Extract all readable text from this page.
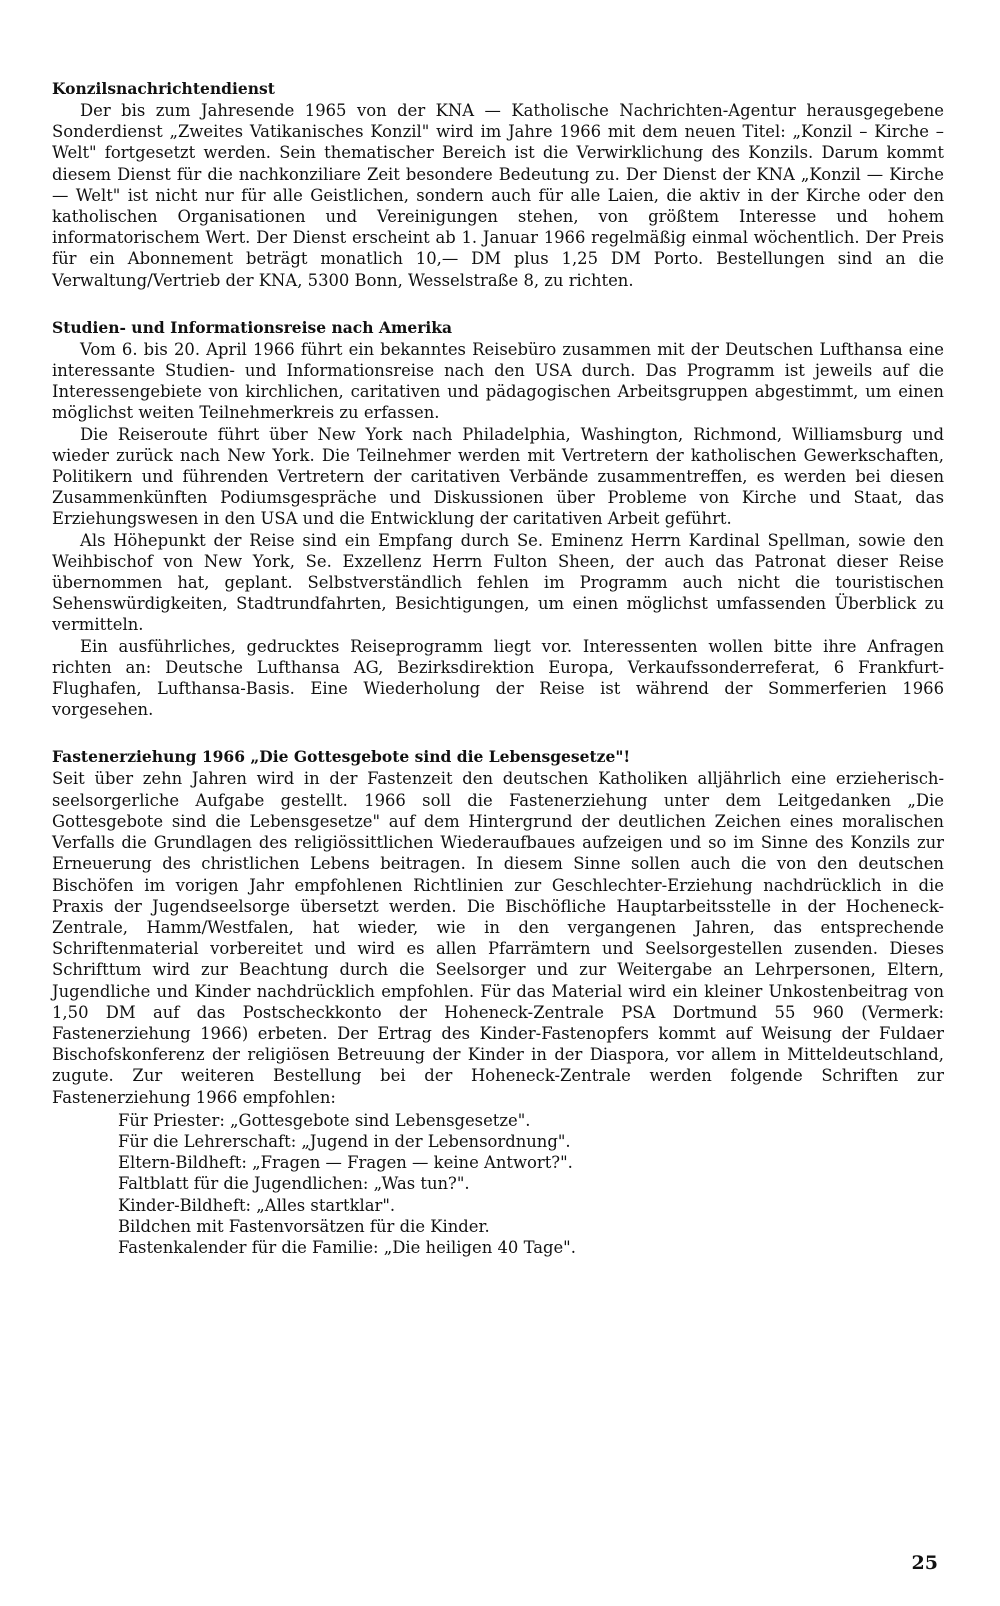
Konzilsnachrichtendienst

Der bis zum Jahresende 1965 von der KNA — Katholische Nachrichten-Agentur herausgegebene Sonderdienst „Zweites Vatikanisches Konzil" wird im Jahre 1966 mit dem neuen Titel: „Konzil – Kirche – Welt" fortgesetzt werden. Sein thematischer Bereich ist die Verwirklichung des Konzils. Darum kommt diesem Dienst für die nachkonziliare Zeit besondere Bedeutung zu. Der Dienst der KNA „Konzil — Kirche — Welt" ist nicht nur für alle Geistlichen, sondern auch für alle Laien, die aktiv in der Kirche oder den katholischen Organisationen und Vereinigungen stehen, von größtem Interesse und hohem informatorischem Wert. Der Dienst erscheint ab 1. Januar 1966 regelmäßig einmal wöchentlich. Der Preis für ein Abonnement beträgt monatlich 10,— DM plus 1,25 DM Porto. Bestellungen sind an die Verwaltung/Vertrieb der KNA, 5300 Bonn, Wesselstraße 8, zu richten.

Studien- und Informationsreise nach Amerika

Vom 6. bis 20. April 1966 führt ein bekanntes Reisebüro zusammen mit der Deutschen Lufthansa eine interessante Studien- und Informationsreise nach den USA durch. Das Programm ist jeweils auf die Interessengebiete von kirchlichen, caritativen und pädagogischen Arbeitsgruppen abgestimmt, um einen möglichst weiten Teilnehmerkreis zu erfassen.

Die Reiseroute führt über New York nach Philadelphia, Washington, Richmond, Williamsburg und wieder zurück nach New York. Die Teilnehmer werden mit Vertretern der katholischen Gewerkschaften, Politikern und führenden Vertretern der caritativen Verbände zusammentreffen, es werden bei diesen Zusammenkünften Podiumsgespräche und Diskussionen über Probleme von Kirche und Staat, das Erziehungswesen in den USA und die Entwicklung der caritativen Arbeit geführt.

Als Höhepunkt der Reise sind ein Empfang durch Se. Eminenz Herrn Kardinal Spellman, sowie den Weihbischof von New York, Se. Exzellenz Herrn Fulton Sheen, der auch das Patronat dieser Reise übernommen hat, geplant. Selbstverständlich fehlen im Programm auch nicht die touristischen Sehenswürdigkeiten, Stadtrundfahrten, Besichtigungen, um einen möglichst umfassenden Überblick zu vermitteln.

Ein ausführliches, gedrucktes Reiseprogramm liegt vor. Interessenten wollen bitte ihre Anfragen richten an: Deutsche Lufthansa AG, Bezirksdirektion Europa, Verkaufssonderreferat, 6 Frankfurt-Flughafen, Lufthansa-Basis. Eine Wiederholung der Reise ist während der Sommerferien 1966 vorgesehen.

Fastenerziehung 1966 „Die Gottesgebote sind die Lebensgesetze"!

Seit über zehn Jahren wird in der Fastenzeit den deutschen Katholiken alljährlich eine erzieherisch-seelsorgerliche Aufgabe gestellt. 1966 soll die Fastenerziehung unter dem Leitgedanken „Die Gottesgebote sind die Lebensgesetze" auf dem Hintergrund der deutlichen Zeichen eines moralischen Verfalls die Grundlagen des religiössittlichen Wiederaufbaues aufzeigen und so im Sinne des Konzils zur Erneuerung des christlichen Lebens beitragen. In diesem Sinne sollen auch die von den deutschen Bischöfen im vorigen Jahr empfohlenen Richtlinien zur Geschlechter-Erziehung nachdrücklich in die Praxis der Jugendseelsorge übersetzt werden. Die Bischöfliche Hauptarbeitsstelle in der Hocheneck-Zentrale, Hamm/Westfalen, hat wieder, wie in den vergangenen Jahren, das entsprechende Schriftenmaterial vorbereitet und wird es allen Pfarrämtern und Seelsorgestellen zusenden. Dieses Schrifttum wird zur Beachtung durch die Seelsorger und zur Weitergabe an Lehrpersonen, Eltern, Jugendliche und Kinder nachdrücklich empfohlen. Für das Material wird ein kleiner Unkostenbeitrag von 1,50 DM auf das Postscheckkonto der Hoheneck-Zentrale PSA Dortmund 55 960 (Vermerk: Fastenerziehung 1966) erbeten. Der Ertrag des Kinder-Fastenopfers kommt auf Weisung der Fuldaer Bischofskonferenz der religiösen Betreuung der Kinder in der Diaspora, vor allem in Mitteldeutschland, zugute. Zur weiteren Bestellung bei der Hoheneck-Zentrale werden folgende Schriften zur Fastenerziehung 1966 empfohlen:

Für Priester: „Gottesgebote sind Lebensgesetze".
Für die Lehrerschaft: „Jugend in der Lebensordnung".
Eltern-Bildheft: „Fragen — Fragen — keine Antwort?".
Faltblatt für die Jugendlichen: „Was tun?".
Kinder-Bildheft: „Alles startklar".
Bildchen mit Fastenvorsätzen für die Kinder.
Fastenkalender für die Familie: „Die heiligen 40 Tage".
25
